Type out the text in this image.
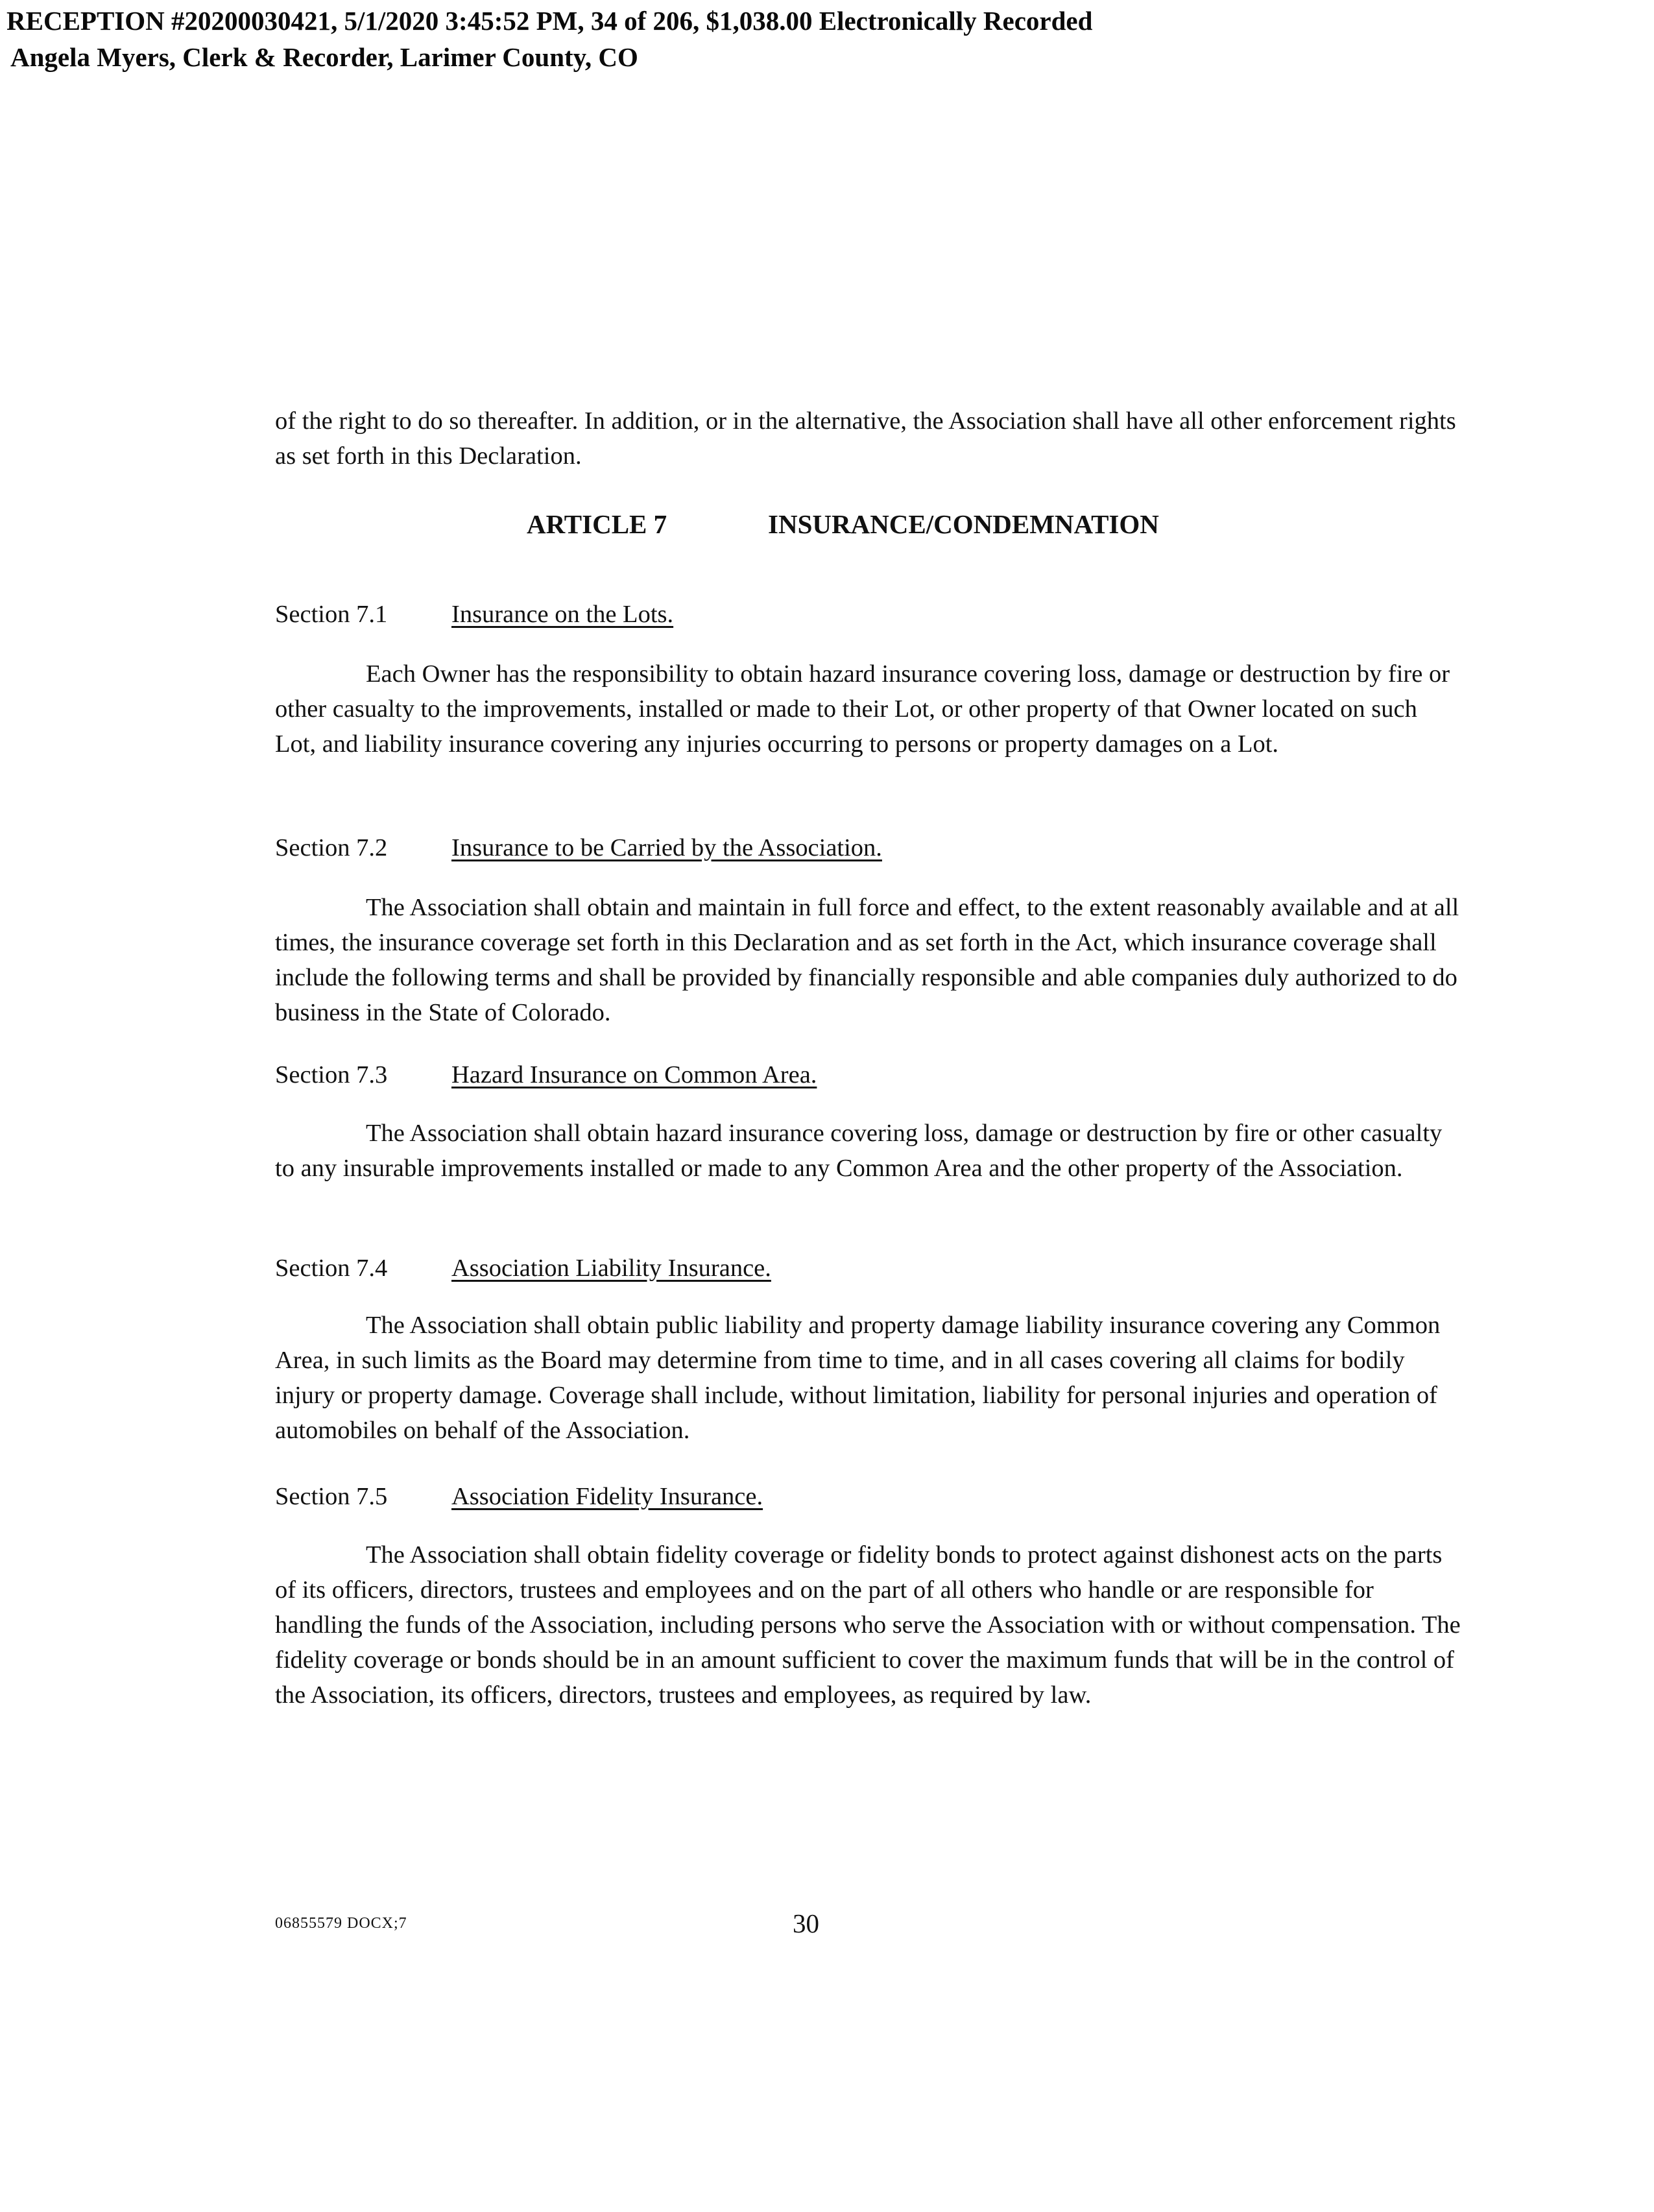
RECEPTION #20200030421, 5/1/2020 3:45:52 PM, 34 of 206, $1,038.00 Electronically Recorded
Angela Myers, Clerk & Recorder, Larimer County, CO

of the right to do so thereafter. In addition, or in the alternative, the Association shall have all other enforcement rights as set forth in this Declaration.

ARTICLE 7	INSURANCE/CONDEMNATION
Section 7.1	Insurance on the Lots.

Each Owner has the responsibility to obtain hazard insurance covering loss, damage or destruction by fire or other casualty to the improvements, installed or made to their Lot, or other property of that Owner located on such Lot, and liability insurance covering any injuries occurring to persons or property damages on a Lot.

Section 7.2	Insurance to be Carried by the Association.

The Association shall obtain and maintain in full force and effect, to the extent reasonably available and at all times, the insurance coverage set forth in this Declaration and as set forth in the Act, which insurance coverage shall include the following terms and shall be provided by financially responsible and able companies duly authorized to do business in the State of Colorado.

Section 7.3	Hazard Insurance on Common Area.

The Association shall obtain hazard insurance covering loss, damage or destruction by fire or other casualty to any insurable improvements installed or made to any Common Area and the other property of the Association.

Section 7.4	Association Liability Insurance.

The Association shall obtain public liability and property damage liability insurance covering any Common Area, in such limits as the Board may determine from time to time, and in all cases covering all claims for bodily injury or property damage. Coverage shall include, without limitation, liability for personal injuries and operation of automobiles on behalf of the Association.

Section 7.5	Association Fidelity Insurance.

The Association shall obtain fidelity coverage or fidelity bonds to protect against dishonest acts on the parts of its officers, directors, trustees and employees and on the part of all others who handle or are responsible for handling the funds of the Association, including persons who serve the Association with or without compensation. The fidelity coverage or bonds should be in an amount sufficient to cover the maximum funds that will be in the control of the Association, its officers, directors, trustees and employees, as required by law.

06855579 DOCX;7	30
